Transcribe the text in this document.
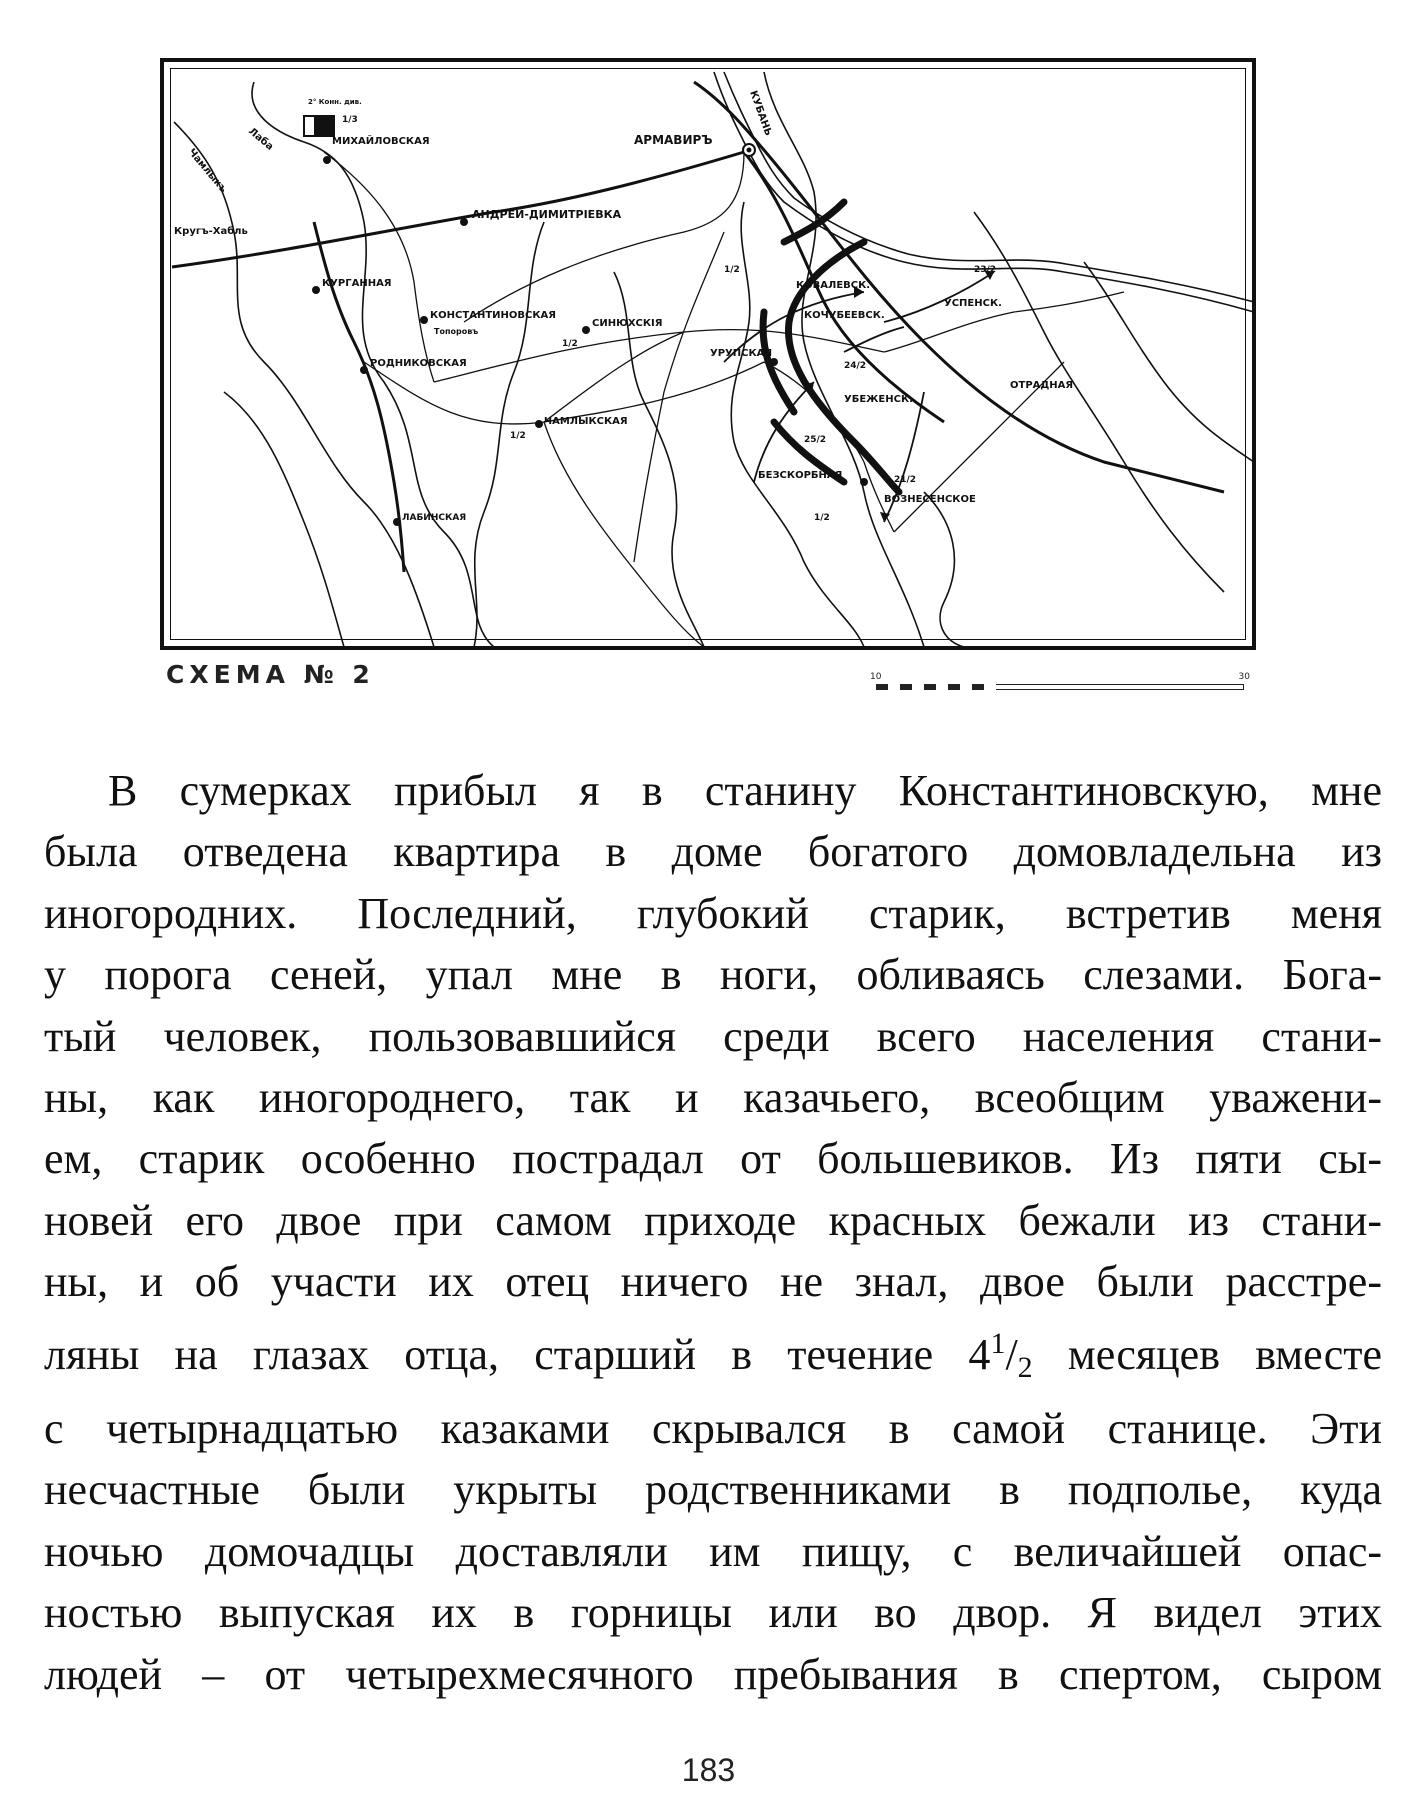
АРМАВИРЪ
МИХАЙЛОВСКАЯ
АНДРЕЙ-ДИМИТРІЕВКА
КУРГАННАЯ
КОНСТАНТИНОВСКАЯ
СИНЮХСКІЯ
РОДНИКОВСКАЯ
ЧАМЛЫКСКАЯ
ЛАБИНСКАЯ
УРУПСКАЯ
БЕЗСКОРБНАЯ
ВОЗНЕСЕНСКОЕ
КОВАЛЕВСК.
КОЧУБЕЕВСК.
УСПЕНСК.
УБЕЖЕНСК.
ОТРАДНАЯ
Кругъ-Хабль
КУБАНЬ
Лаба
Чамлыкъ
2° Конн. див.
Топоровъ
1/3
1/2
1/2
1/2
1/2
21/2
23/2
25/2
24/2
СХЕМА № 2	10	30
В сумерках прибыл я в станину Константиновскую, мне
была отведена квартира в доме богатого домовладельна из
иногородних. Последний, глубокий старик, встретив меня
у порога сеней, упал мне в ноги, обливаясь слезами. Бога-
тый человек, пользовавшийся среди всего населения стани-
ны, как иногороднего, так и казачьего, всеобщим уважени-
ем, старик особенно пострадал от большевиков. Из пяти сы-
новей его двое при самом приходе красных бежали из стани-
ны, и об участи их отец ничего не знал, двое были расстре-
ляны на глазах отца, старший в течение $4^1/_2$ месяцев вместе
с четырнадцатью казаками скрывался в самой станице. Эти
несчастные были укрыты родственниками в подполье, куда
ночью домочадцы доставляли им пищу, с величайшей опас-
ностью выпуская их в горницы или во двор. Я видел этих
людей – от четырехмесячного пребывания в спертом, сыром
183
